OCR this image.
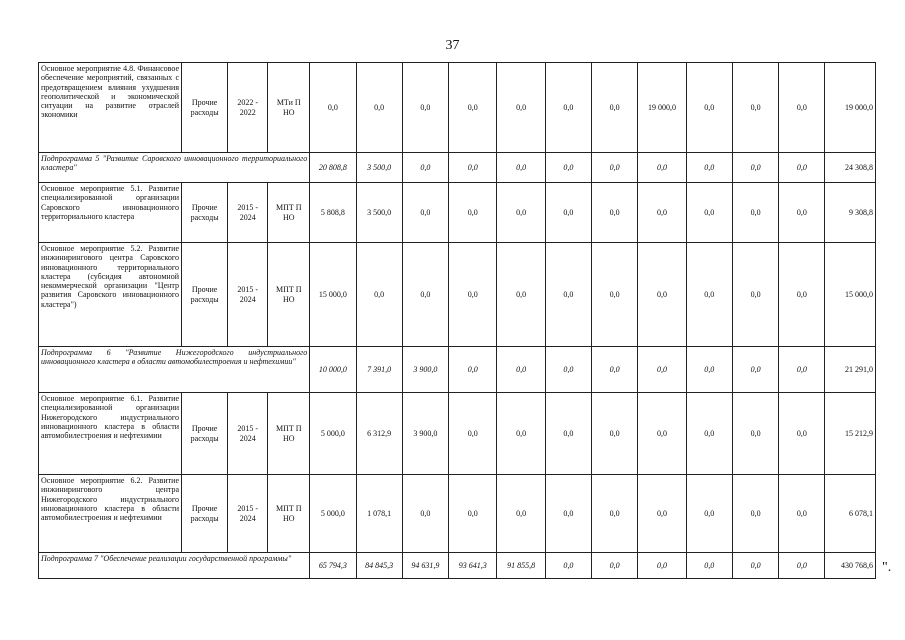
37
Основное мероприятие 4.8. Финансовое обеспечение мероприятий, связанных с предотвращением влияния ухудшения геополитической и экономической ситуации на развитие отраслей экономики	Прочие расходы	2022 - 2022	МТи П НО	0,0	0,0	0,0	0,0	0,0	0,0	0,0	19 000,0	0,0	0,0	0,0	19 000,0
Подпрограмма 5 "Развитие Саровского инновационного территориального кластера"				20 808,8	3 500,0	0,0	0,0	0,0	0,0	0,0	0,0	0,0	0,0	0,0	24 308,8
Основное мероприятие 5.1. Развитие специализированной организации Саровского инновационного территориального кластера	Прочие расходы	2015 - 2024	МПТ П НО	5 808,8	3 500,0	0,0	0,0	0,0	0,0	0,0	0,0	0,0	0,0	0,0	9 308,8
Основное мероприятие 5.2. Развитие инжинирингового центра Саровского инновационного территориального кластера (субсидия автономной некоммерческой организации "Центр развития Саровского инновационного кластера")	Прочие расходы	2015 - 2024	МПТ П НО	15 000,0	0,0	0,0	0,0	0,0	0,0	0,0	0,0	0,0	0,0	0,0	15 000,0
Подпрограмма 6 "Развитие Нижегородского индустриального инновационного кластера в области автомобилестроения и нефтехимии"				10 000,0	7 391,0	3 900,0	0,0	0,0	0,0	0,0	0,0	0,0	0,0	0,0	21 291,0
Основное мероприятие 6.1. Развитие специализированной организации Нижегородского индустриального инновационного кластера в области автомобилестроения и нефтехимии	Прочие расходы	2015 - 2024	МПТ П НО	5 000,0	6 312,9	3 900,0	0,0	0,0	0,0	0,0	0,0	0,0	0,0	0,0	15 212,9
Основное мероприятие 6.2. Развитие инжинирингового центра Нижегородского индустриального инновационного кластера в области автомобилестроения и нефтехимии	Прочие расходы	2015 - 2024	МПТ П НО	5 000,0	1 078,1	0,0	0,0	0,0	0,0	0,0	0,0	0,0	0,0	0,0	6 078,1
Подпрограмма 7 "Обеспечение реализации государственной программы"				65 794,3	84 845,3	94 631,9	93 641,3	91 855,8	0,0	0,0	0,0	0,0	0,0	0,0	430 768,6 ".
